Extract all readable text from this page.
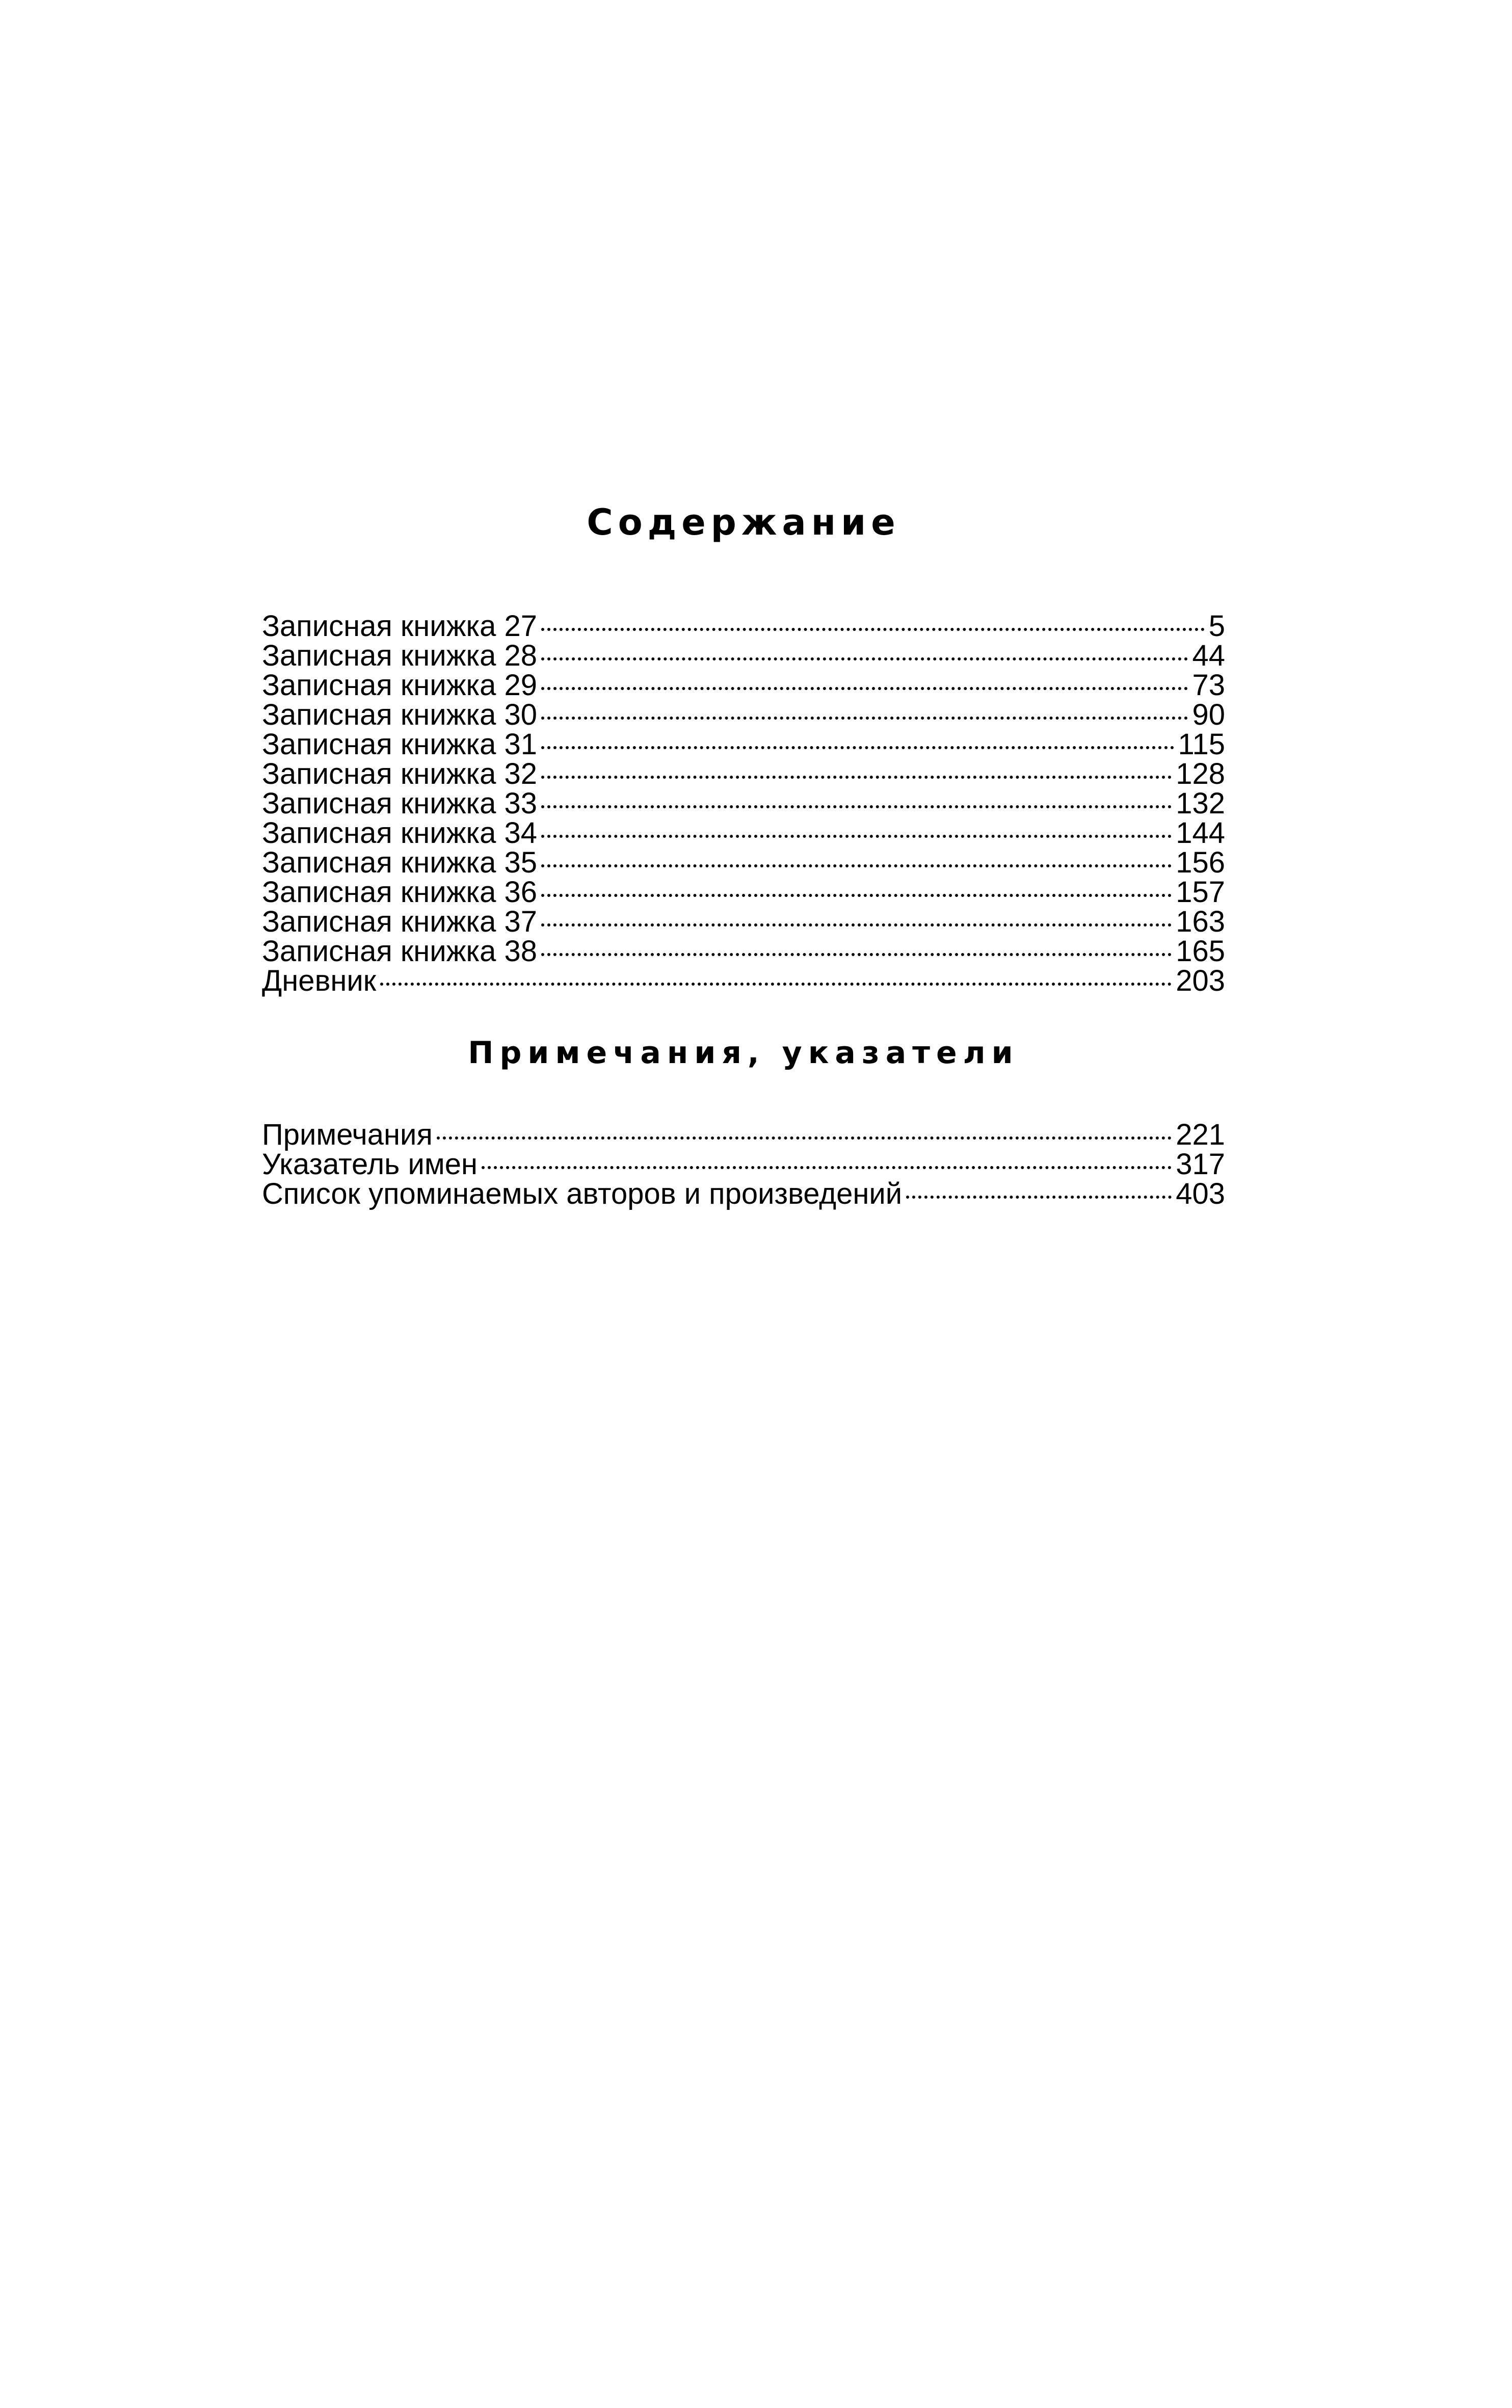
Содержание
Записная книжка 27	5
Записная книжка 28	44
Записная книжка 29	73
Записная книжка 30	90
Записная книжка 31	115
Записная книжка 32	128
Записная книжка 33	132
Записная книжка 34	144
Записная книжка 35	156
Записная книжка 36	157
Записная книжка 37	163
Записная книжка 38	165
Дневник	203
Примечания, указатели
Примечания	221
Указатель имен	317
Список упоминаемых авторов и произведений	403
